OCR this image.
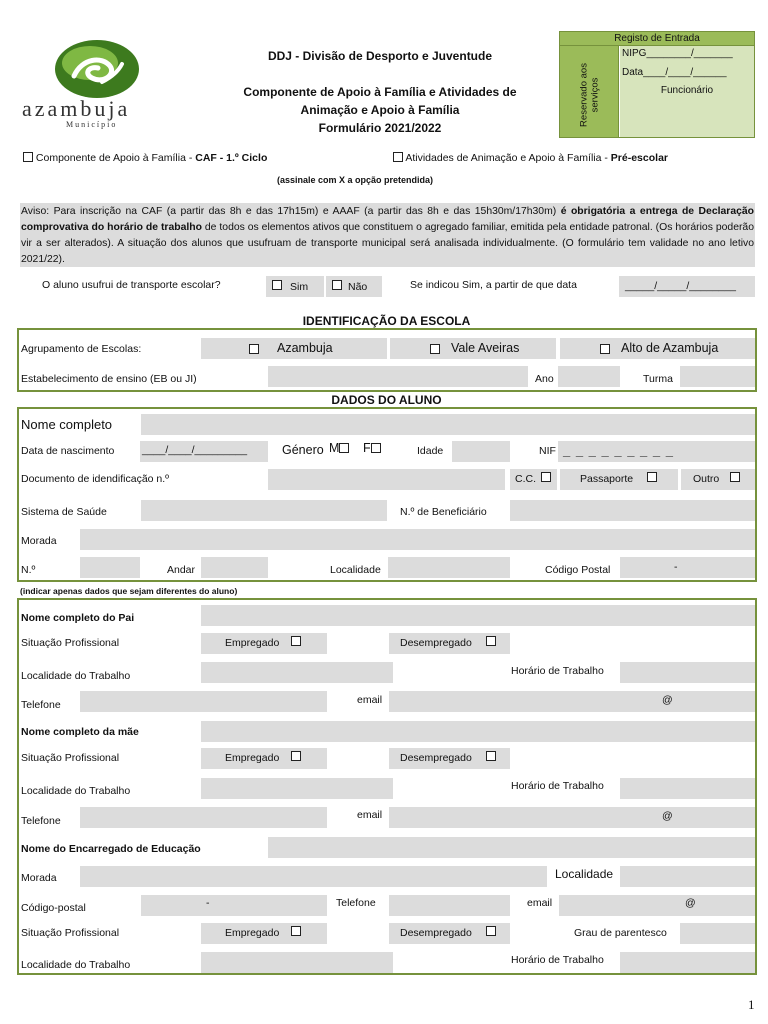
azambuja
Município
DDJ - Divisão de Desporto e Juventude
Componente de Apoio à Família e Atividades de
Animação e Apoio à Família
Formulário 2021/2022
Registo de Entrada
Reservado aos serviços
NIPG________/_______
Data____/____/______
Funcionário
Componente de Apoio à Família - CAF - 1.º Ciclo	Atividades de Animação e Apoio à Família - Pré-escolar
(assinale com X a opção pretendida)
Aviso: Para inscrição na CAF (a partir das 8h e das 17h15m) e AAAF (a partir das 8h e das 15h30m/17h30m) é obrigatória a entrega de Declaração comprovativa do horário de trabalho de todos os elementos ativos que constituem o agregado familiar, emitida pela entidade patronal. (Os horários poderão vir a ser alterados). A situação dos alunos que usufruam de transporte municipal será analisada individualmente. (O formulário tem validade no ano letivo 2021/22).
O aluno usufrui de transporte escolar?	Sim	Não	Se indicou Sim, a partir de que data	_____/_____/________
IDENTIFICAÇÃO DA ESCOLA
Agrupamento de Escolas:	Azambuja	Vale Aveiras	Alto de Azambuja
Estabelecimento de ensino (EB ou JI)	Ano	Turma
DADOS DO ALUNO
Nome completo
Data de nascimento	____/____/_________	Género M	F	Idade	NIF _ _ _ _ _ _ _ _ _
Documento de idendificação n.º	C.C.	Passaporte	Outro
Sistema de Saúde	N.º de Beneficiário
Morada
N.º	Andar	Localidade	Código Postal	-
(indicar apenas dados que sejam diferentes do aluno)
Nome completo do Pai
Situação Profissional	Empregado	Desempregado
Localidade do Trabalho	Horário de Trabalho
Telefone	email	@
Nome completo da mãe
Situação Profissional	Empregado	Desempregado
Localidade do Trabalho	Horário de Trabalho
Telefone	email	@
Nome do Encarregado de Educação
Morada	Localidade
Código-postal	-	Telefone	email	@
Situação Profissional	Empregado	Desempregado	Grau de parentesco
Localidade do Trabalho	Horário de Trabalho
1
